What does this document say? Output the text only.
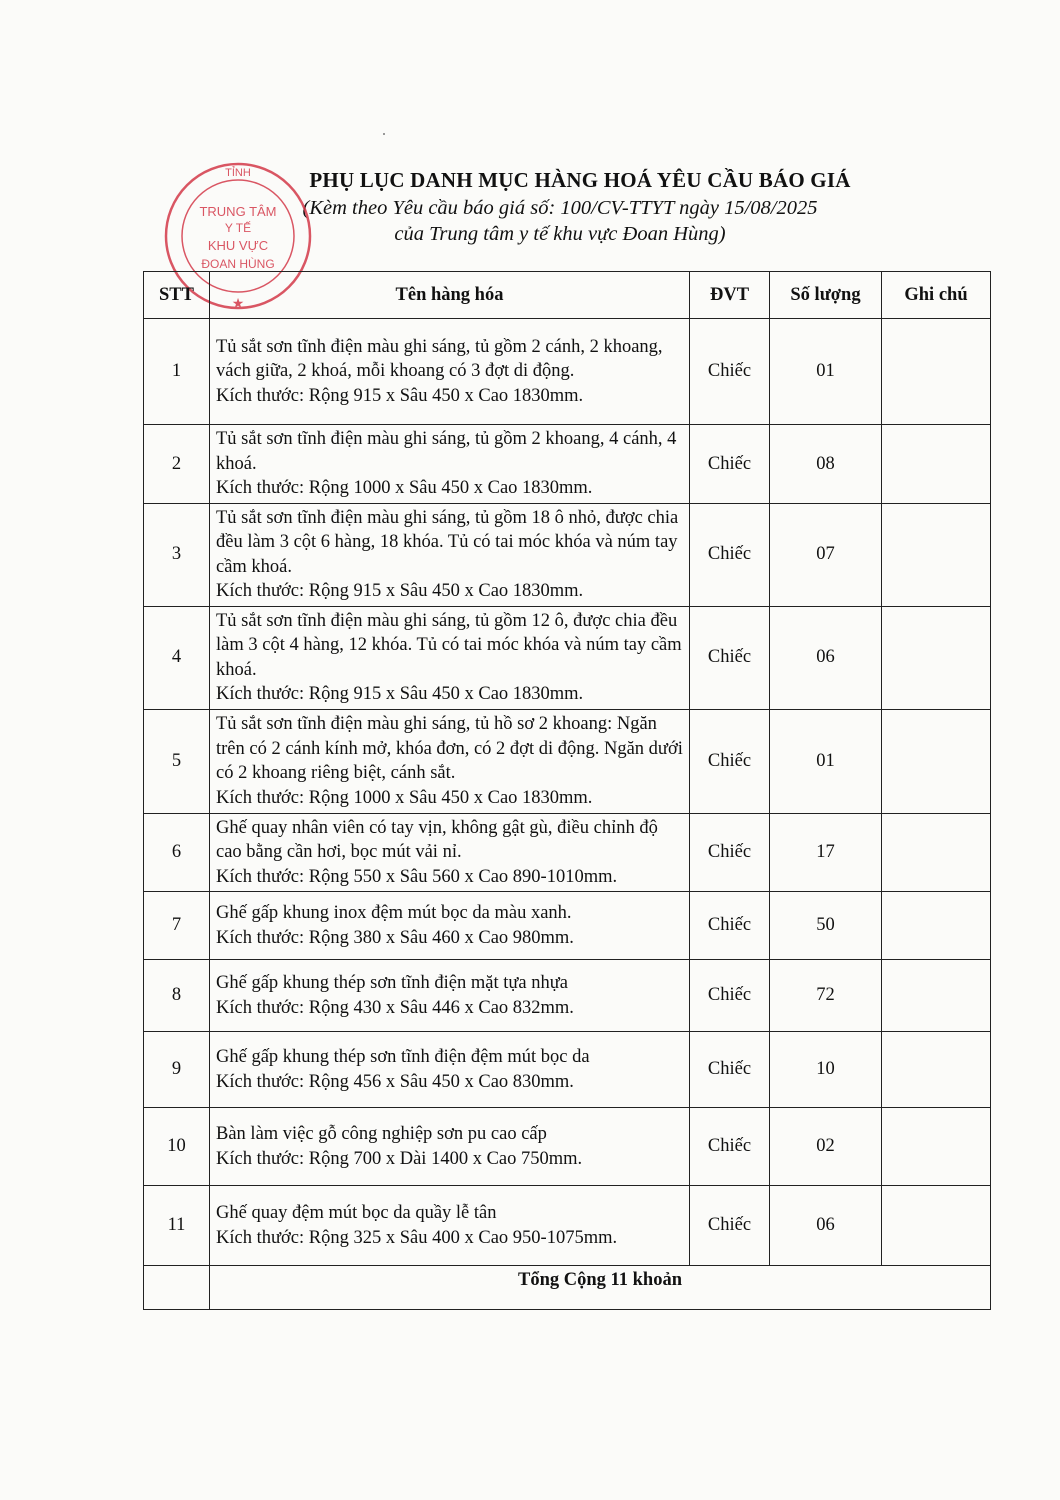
PHỤ LỤC DANH MỤC HÀNG HOÁ YÊU CẦU BÁO GIÁ
(Kèm theo Yêu cầu báo giá số: 100/CV-TTYT ngày 15/08/2025
của Trung tâm y tế khu vực Đoan Hùng)
TỈNH
TRUNG TÂM
Y TẾ
KHU VỰC
ĐOAN HÙNG
★
STT	Tên hàng hóa	ĐVT	Số lượng	Ghi chú
1	Tủ sắt sơn tĩnh điện màu ghi sáng, tủ gồm 2 cánh, 2 khoang, vách giữa, 2 khoá, mỗi khoang có 3 đợt di động.
Kích thước: Rộng 915 x Sâu 450 x Cao 1830mm.	Chiếc	01	
2	Tủ sắt sơn tĩnh điện màu ghi sáng, tủ gồm 2 khoang, 4 cánh, 4 khoá.
Kích thước: Rộng 1000 x Sâu 450 x Cao 1830mm.	Chiếc	08	
3	Tủ sắt sơn tĩnh điện màu ghi sáng, tủ gồm 18 ô nhỏ, được chia đều làm 3 cột 6 hàng, 18 khóa. Tủ có tai móc khóa và núm tay cầm khoá.
Kích thước: Rộng 915 x Sâu 450 x Cao 1830mm.	Chiếc	07	
4	Tủ sắt sơn tĩnh điện màu ghi sáng, tủ gồm 12 ô, được chia đều làm 3 cột 4 hàng, 12 khóa. Tủ có tai móc khóa và núm tay cầm khoá.
Kích thước: Rộng 915 x Sâu 450 x Cao 1830mm.	Chiếc	06	
5	Tủ sắt sơn tĩnh điện màu ghi sáng, tủ hồ sơ 2 khoang: Ngăn trên có 2 cánh kính mở, khóa đơn, có 2 đợt di động. Ngăn dưới có 2 khoang riêng biệt, cánh sắt.
Kích thước: Rộng 1000 x Sâu 450 x Cao 1830mm.	Chiếc	01	
6	Ghế quay nhân viên có tay vịn, không gật gù, điều chỉnh độ cao bằng cần hơi, bọc mút vải nỉ.
Kích thước: Rộng 550 x Sâu 560 x Cao 890-1010mm.	Chiếc	17	
7	Ghế gấp khung inox đệm mút bọc da màu xanh.
Kích thước: Rộng 380 x Sâu 460 x Cao 980mm.	Chiếc	50	
8	Ghế gấp khung thép sơn tĩnh điện mặt tựa nhựa
Kích thước: Rộng 430 x Sâu 446 x Cao 832mm.	Chiếc	72	
9	Ghế gấp khung thép sơn tĩnh điện đệm mút bọc da
Kích thước: Rộng 456 x Sâu 450 x Cao 830mm.	Chiếc	10	
10	Bàn làm việc gỗ công nghiệp sơn pu cao cấp
Kích thước: Rộng 700 x Dài 1400 x Cao 750mm.	Chiếc	02	
11	Ghế quay đệm mút bọc da quầy lễ tân
Kích thước: Rộng 325 x Sâu 400 x Cao 950-1075mm.	Chiếc	06	
	Tổng Cộng 11 khoản			
